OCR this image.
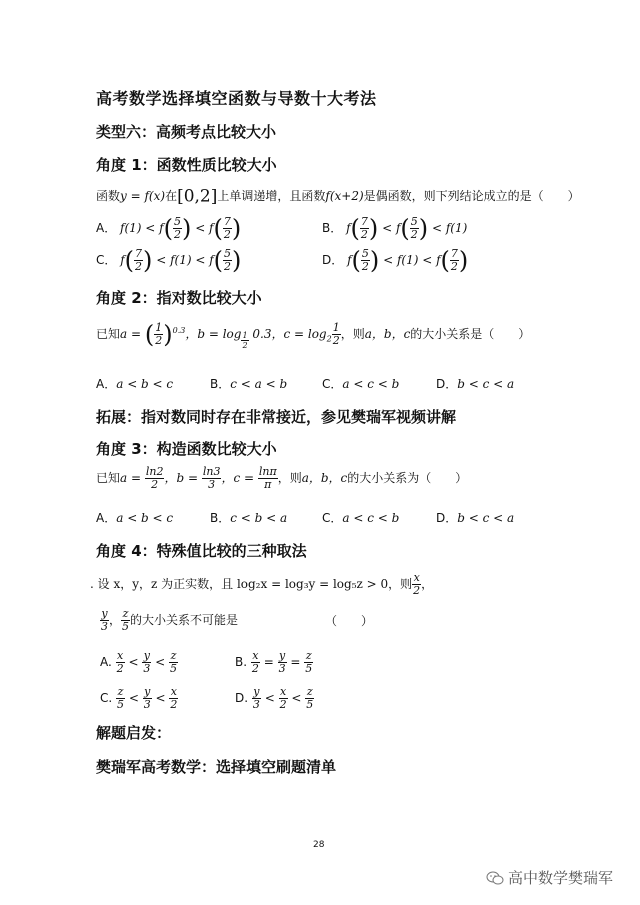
高考数学选择填空函数与导数十大考法
类型六：高频考点比较大小
角度 1：函数性质比较大小
函数y = f(x)在[0,2]上单调递增，且函数f(x+2)是偶函数，则下列结论成立的是（　　）
A． $f(1) < f( \frac{5}{2}$ ) < $f( \frac{7}{2}$ )	B． $f( \frac{7}{2}$ ) < $f( \frac{5}{2}$ ) < f(1)
C． $f( \frac{7}{2}$ ) < $f(1) < f( \frac{5}{2}$ )	D． $f( \frac{5}{2}$ ) < $f(1) < f( \frac{7}{2}$ )
角度 2：指对数比较大小
已知a = ( $\frac{1}{2} )^{0.3}$，$b = \log \frac{1}{2} 0.3$，$c = \log_2 \frac{1}{2}$ ，则a，b，c的大小关系是（　　）
A．a < b < c	B．c < a < b	C．a < c < b	D．b < c < a
拓展：指对数同时存在非常接近，参见樊瑞军视频讲解
角度 3：构造函数比较大小
已知$a = \frac{\ln 2}{2}$ ，$b = \frac{\ln 3}{3}$ ，$c = \frac{\ln\pi}{\pi}$ ，则a，b，c的大小关系为（　　）
A．a < b < c	B．c < b < a	C．a < c < b	D．b < c < a
角度 4：特殊值比较的三种取法
. 设 x，y，z 为正实数，且 log₂x = log₃y = log₅z > 0，则 $\frac{x}{2}$ ，
$\frac{y}{3}$ ， $\frac{z}{5}$ 的大小关系不可能是	（　　）
A. $\frac{x}{2} < \frac{y}{3} < \frac{z}{5}$	B. $\frac{x}{2} = \frac{y}{3} = \frac{z}{5}$
C. $\frac{z}{5} < \frac{y}{3} < \frac{x}{2}$	D. $\frac{y}{3} < \frac{x}{2} < \frac{z}{5}$
解题启发：
樊瑞军高考数学：选择填空刷题清单
28
高中数学樊瑞军
